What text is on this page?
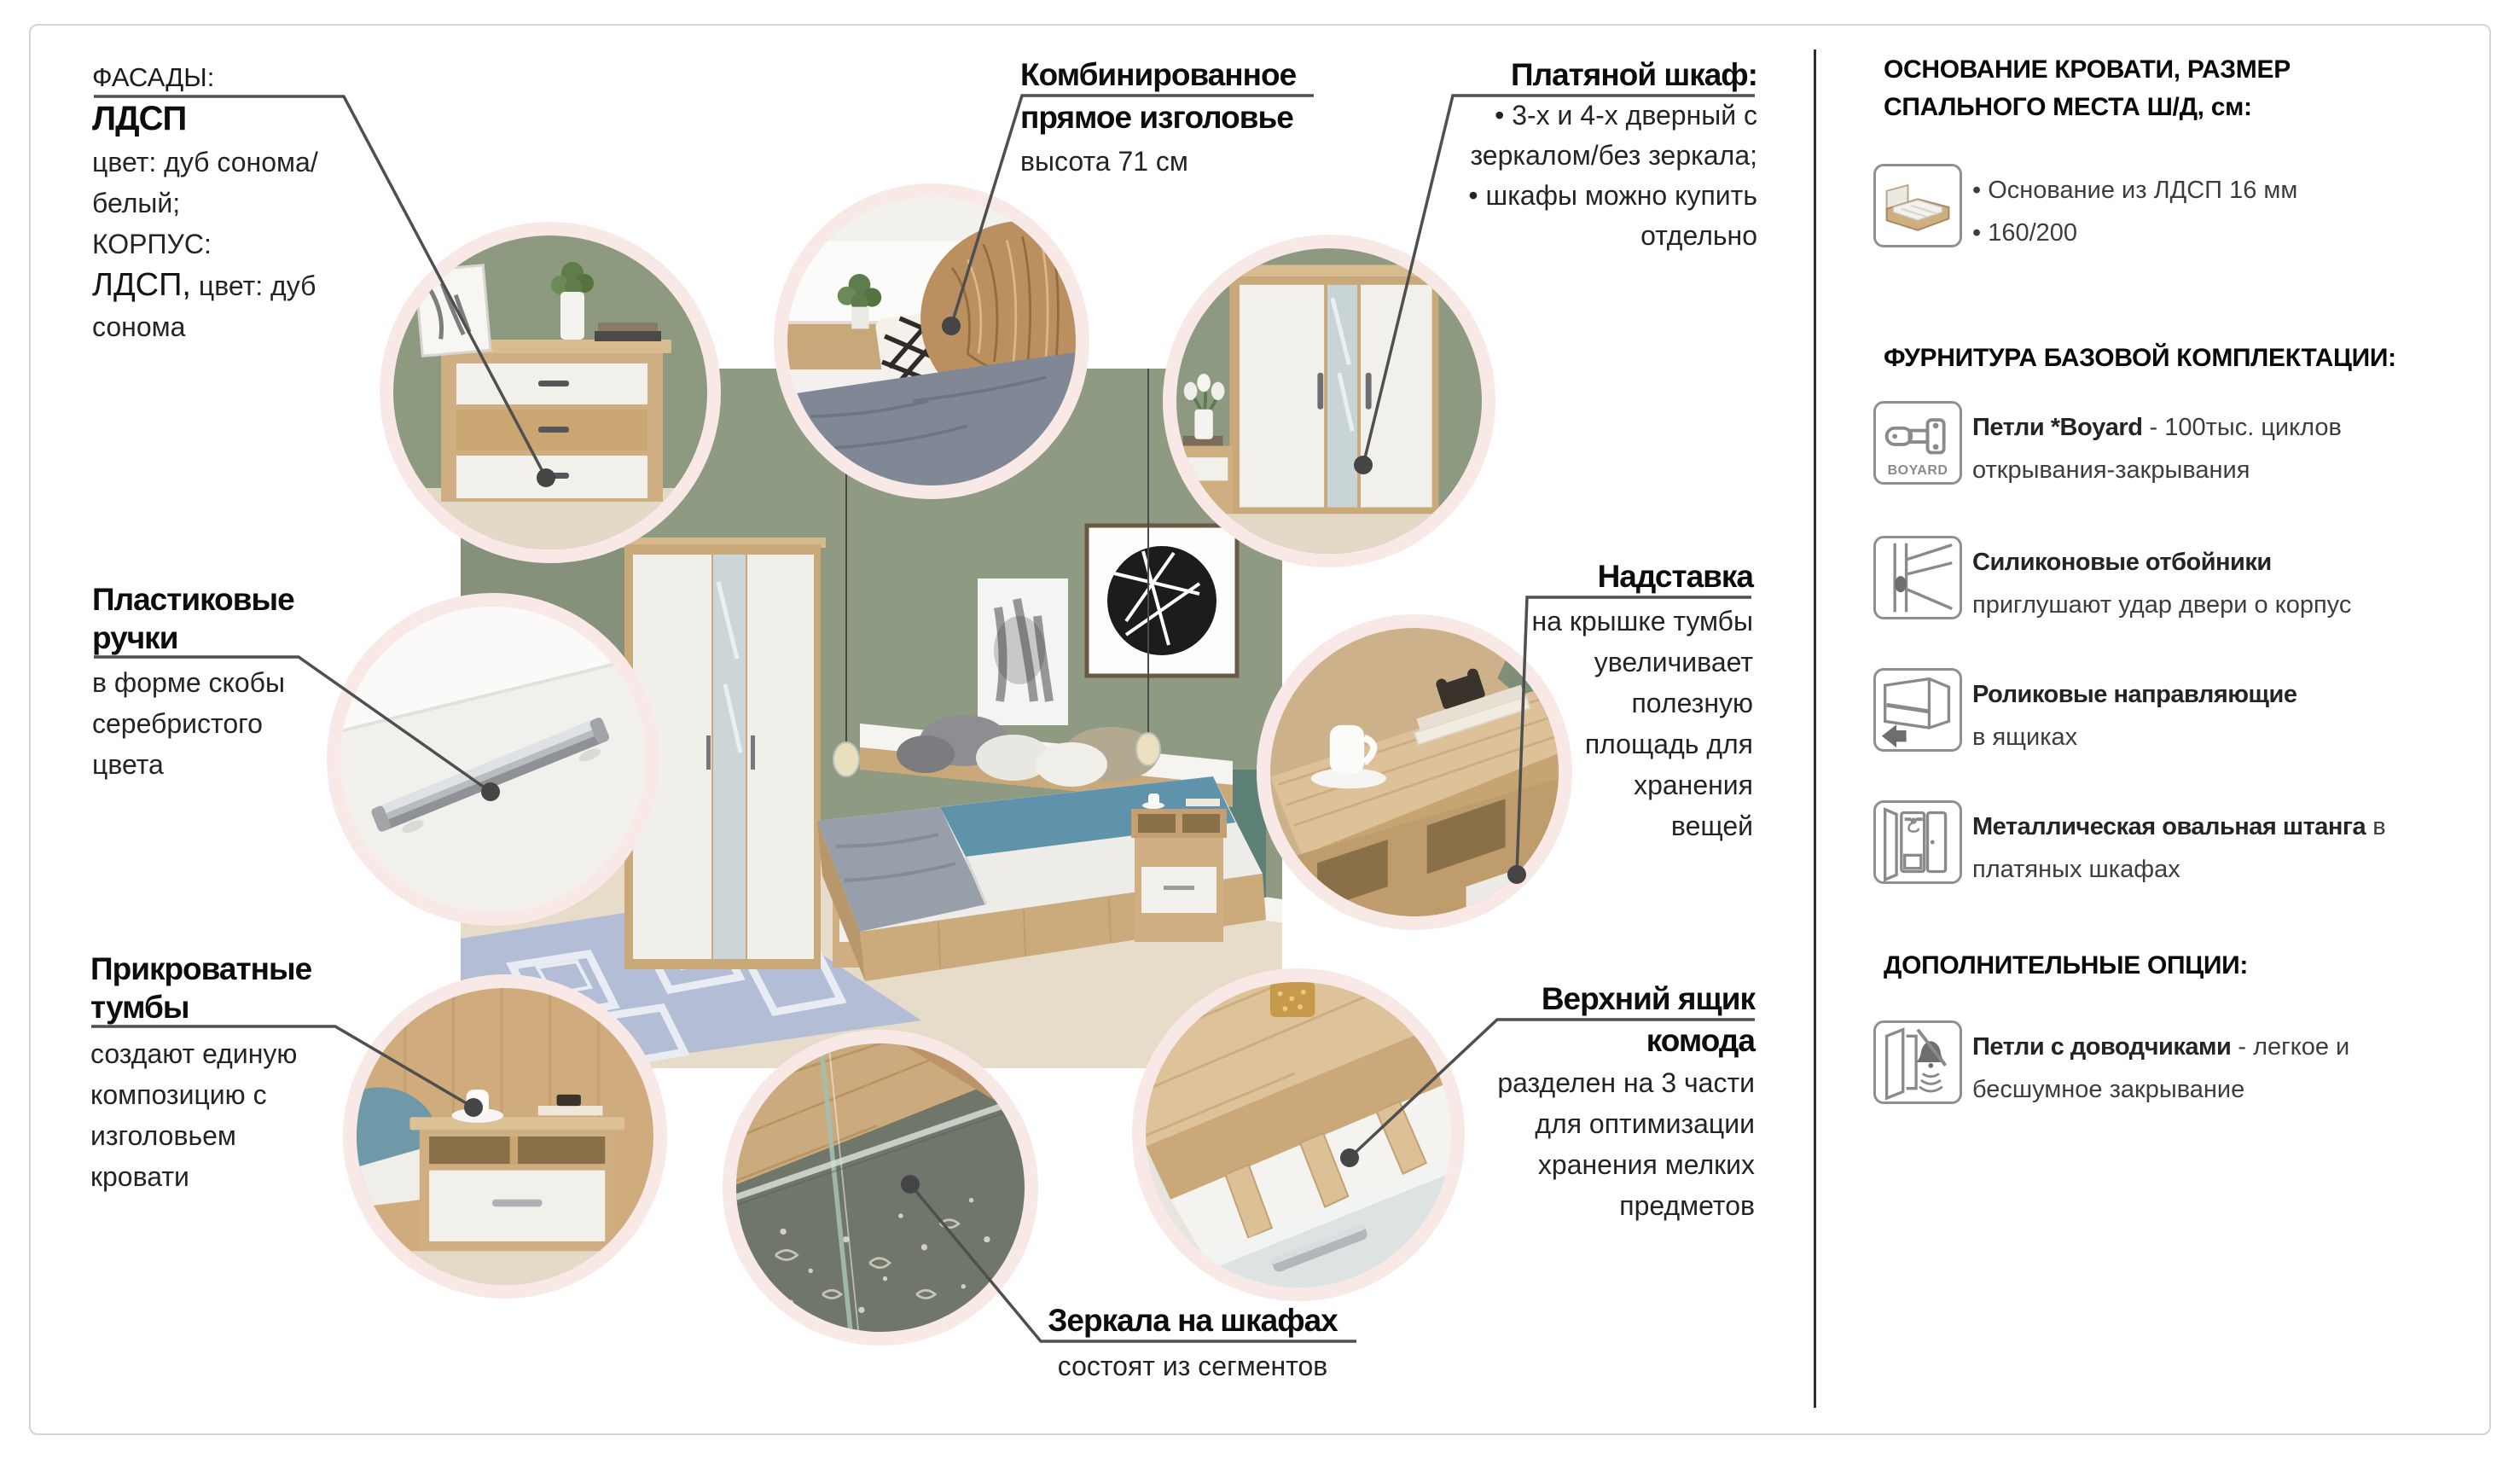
ФАСАДЫ:
ЛДСП
цвет: дуб сонома/
белый;
КОРПУС:
ЛДСП, цвет: дуб
сонома
Комбинированное
прямое изголовье
высота 71 см
Платяной шкаф:
• 3-х и 4-х дверный с
зеркалом/без зеркала;
• шкафы можно купить
отдельно
Пластиковые
ручки
в форме скобы
серебристого
цвета
Надставка
на крышке тумбы
увеличивает
полезную
площадь для
хранения
вещей
Прикроватные
тумбы
создают единую
композицию с
изголовьем
кровати
Зеркала на шкафах
состоят из сегментов
Верхний ящик
комода
разделен на 3 части
для оптимизации
хранения мелких
предметов
ОСНОВАНИЕ КРОВАТИ, РАЗМЕР
СПАЛЬНОГО МЕСТА Ш/Д, см:
• Основание из ЛДСП 16 мм
• 160/200
ФУРНИТУРА БАЗОВОЙ КОМПЛЕКТАЦИИ:
BOYARD
Петли *Boyard - 100тыс. циклов
открывания-закрывания
Силиконовые отбойники
приглушают удар двери о корпус
Роликовые направляющие
в ящиках
Металлическая овальная штанга в
платяных шкафах
ДОПОЛНИТЕЛЬНЫЕ ОПЦИИ:
Петли с доводчиками - легкое и
бесшумное закрывание
